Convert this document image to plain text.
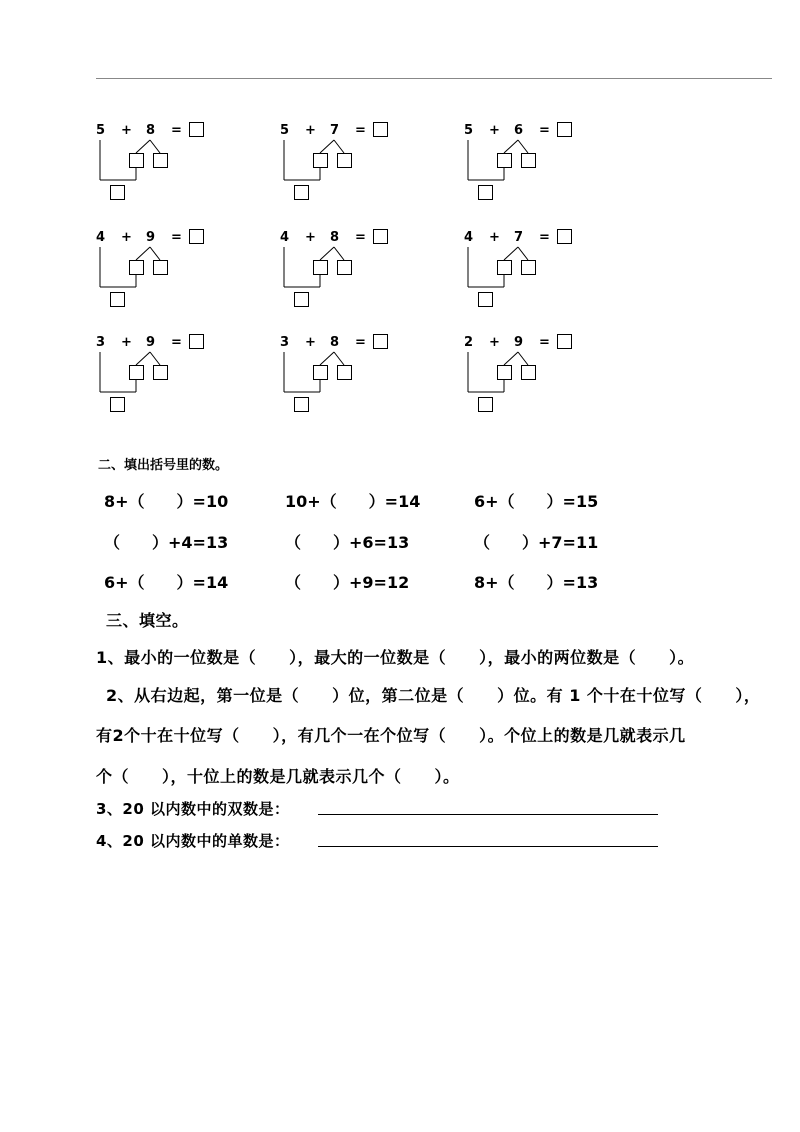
5 + 8 =	5 + 7 =	5 + 6 =
4 + 9 =	4 + 8 =	4 + 7 =
3 + 9 =	3 + 8 =	2 + 9 =
二、填出括号里的数。
8+（　　）=10	10+（　　）=14	6+（　　）=15
（　　）+4=13	（　　）+6=13	（　　）+7=11
6+（　　）=14	（　　）+9=12	8+（　　）=13
三、填空。
1、最小的一位数是（　　），最大的一位数是（　　），最小的两位数是（　　）。
2、从右边起，第一位是（　　）位，第二位是（　　）位。有 1 个十在十位写（　　），
有2个十在十位写（　　），有几个一在个位写（　　）。个位上的数是几就表示几
个（　　），十位上的数是几就表示几个（　　）。
3、20 以内数中的双数是：
4、20 以内数中的单数是：
